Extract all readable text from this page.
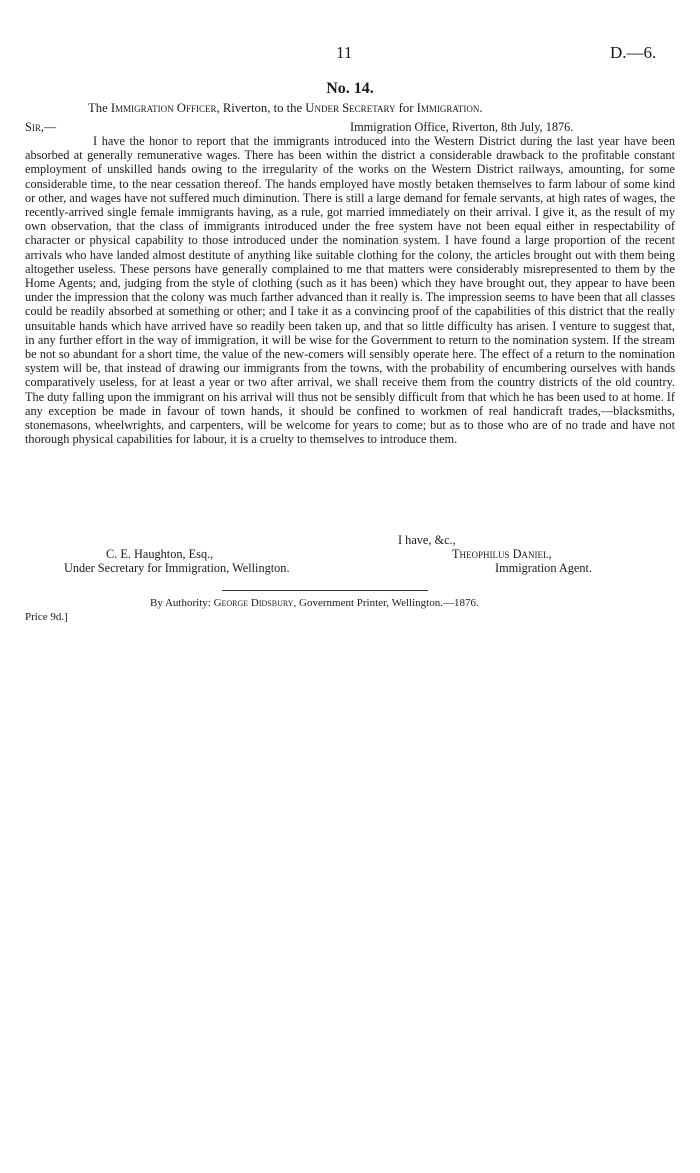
11	D.—6.
No. 14.
The Immigration Officer, Riverton, to the Under Secretary for Immigration.
Sir,—	Immigration Office, Riverton, 8th July, 1876.

I have the honor to report that the immigrants introduced into the Western District during the last year have been absorbed at generally remunerative wages. There has been within the district a considerable drawback to the profitable constant employment of unskilled hands owing to the irregularity of the works on the Western District railways, amounting, for some considerable time, to the near cessation thereof. The hands employed have mostly betaken themselves to farm labour of some kind or other, and wages have not suffered much diminution. There is still a large demand for female servants, at high rates of wages, the recently-arrived single female immigrants having, as a rule, got married immediately on their arrival. I give it, as the result of my own observation, that the class of immigrants introduced under the free system have not been equal either in respectability of character or physical capability to those introduced under the nomination system. I have found a large proportion of the recent arrivals who have landed almost destitute of anything like suitable clothing for the colony, the articles brought out with them being altogether useless. These persons have generally complained to me that matters were considerably misrepresented to them by the Home Agents; and, judging from the style of clothing (such as it has been) which they have brought out, they appear to have been under the impression that the colony was much farther advanced than it really is. The impression seems to have been that all classes could be readily absorbed at something or other; and I take it as a convincing proof of the capabilities of this district that the really unsuitable hands which have arrived have so readily been taken up, and that so little difficulty has arisen. I venture to suggest that, in any further effort in the way of immigration, it will be wise for the Government to return to the nomination system. If the stream be not so abundant for a short time, the value of the new-comers will sensibly operate here. The effect of a return to the nomination system will be, that instead of drawing our immigrants from the towns, with the probability of encumbering ourselves with hands comparatively useless, for at least a year or two after arrival, we shall receive them from the country districts of the old country. The duty falling upon the immigrant on his arrival will thus not be sensibly difficult from that which he has been used to at home. If any exception be made in favour of town hands, it should be confined to workmen of real handicraft trades,—blacksmiths, stonemasons, wheelwrights, and carpenters, will be welcome for years to come; but as to those who are of no trade and have not thorough physical capabilities for labour, it is a cruelty to themselves to introduce them.

I have, &c.,
C. E. Haughton, Esq.,	Theophilus Daniel,
Under Secretary for Immigration, Wellington.	Immigration Agent.
By Authority: George Didsbury, Government Printer, Wellington.—1876.
Price 9d.]
